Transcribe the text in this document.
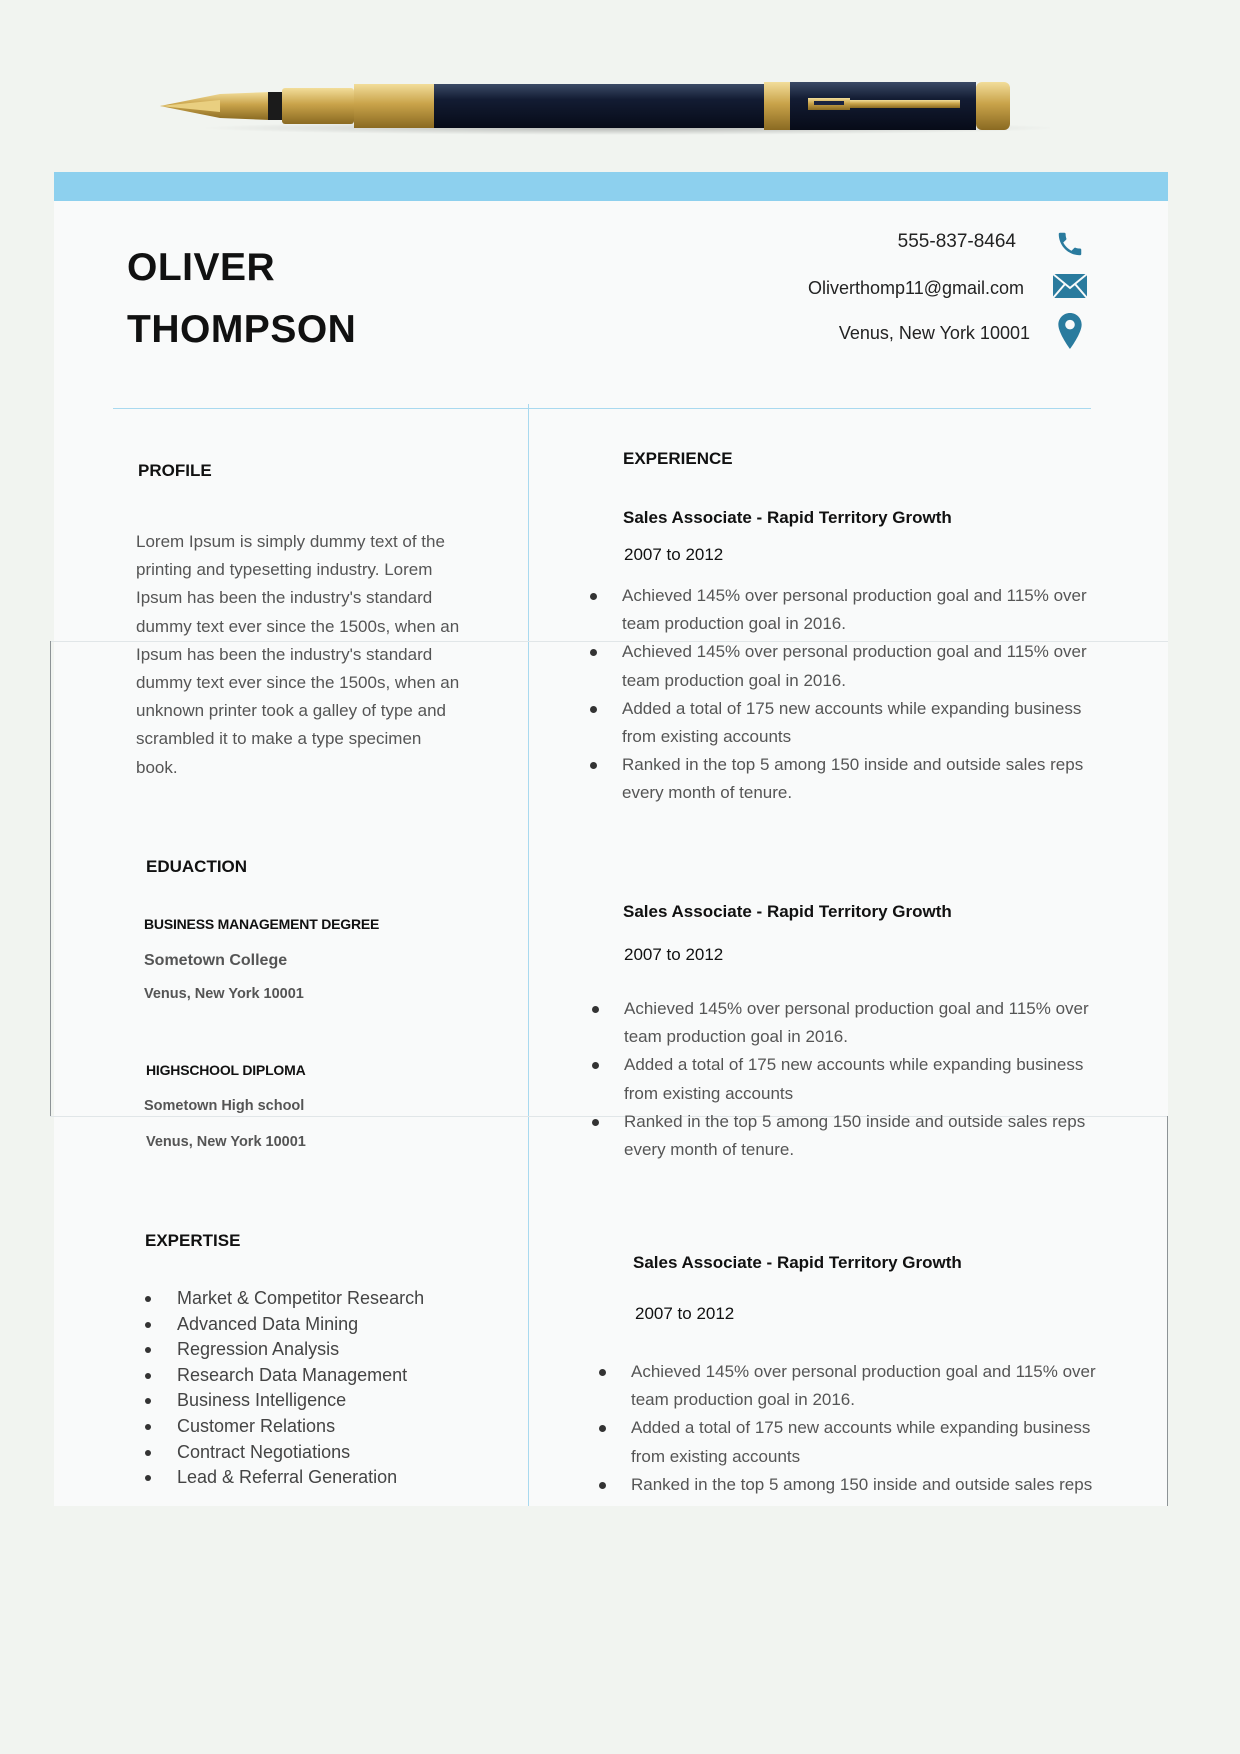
OLIVER
THOMPSON
555-837-8464
Oliverthomp11@gmail.com
Venus, New York 10001
PROFILE
Lorem Ipsum is simply dummy text of the
printing and typesetting industry. Lorem
Ipsum has been the industry's standard
dummy text ever since the 1500s, when an
Ipsum has been the industry's standard
dummy text ever since the 1500s, when an
unknown printer took a galley of type and
scrambled it to make a type specimen
book.
EDUACTION
BUSINESS MANAGEMENT DEGREE
Sometown College
Venus, New York 10001
HIGHSCHOOL DIPLOMA
Sometown High school
Venus, New York 10001
EXPERTISE
Market & Competitor Research
Advanced Data Mining
Regression Analysis
Research Data Management
Business Intelligence
Customer Relations
Contract Negotiations
Lead & Referral Generation
EXPERIENCE
Sales Associate - Rapid Territory Growth
2007 to 2012
Achieved 145% over personal production goal and 115% over
team production goal in 2016.
Achieved 145% over personal production goal and 115% over
team production goal in 2016.
Added a total of 175 new accounts while expanding business
from existing accounts
Ranked in the top 5 among 150 inside and outside sales reps
every month of tenure.
Sales Associate - Rapid Territory Growth
2007 to 2012
Achieved 145% over personal production goal and 115% over
team production goal in 2016.
Added a total of 175 new accounts while expanding business
from existing accounts
Ranked in the top 5 among 150 inside and outside sales reps
every month of tenure.
Sales Associate - Rapid Territory Growth
2007 to 2012
Achieved 145% over personal production goal and 115% over
team production goal in 2016.
Added a total of 175 new accounts while expanding business
from existing accounts
Ranked in the top 5 among 150 inside and outside sales reps
